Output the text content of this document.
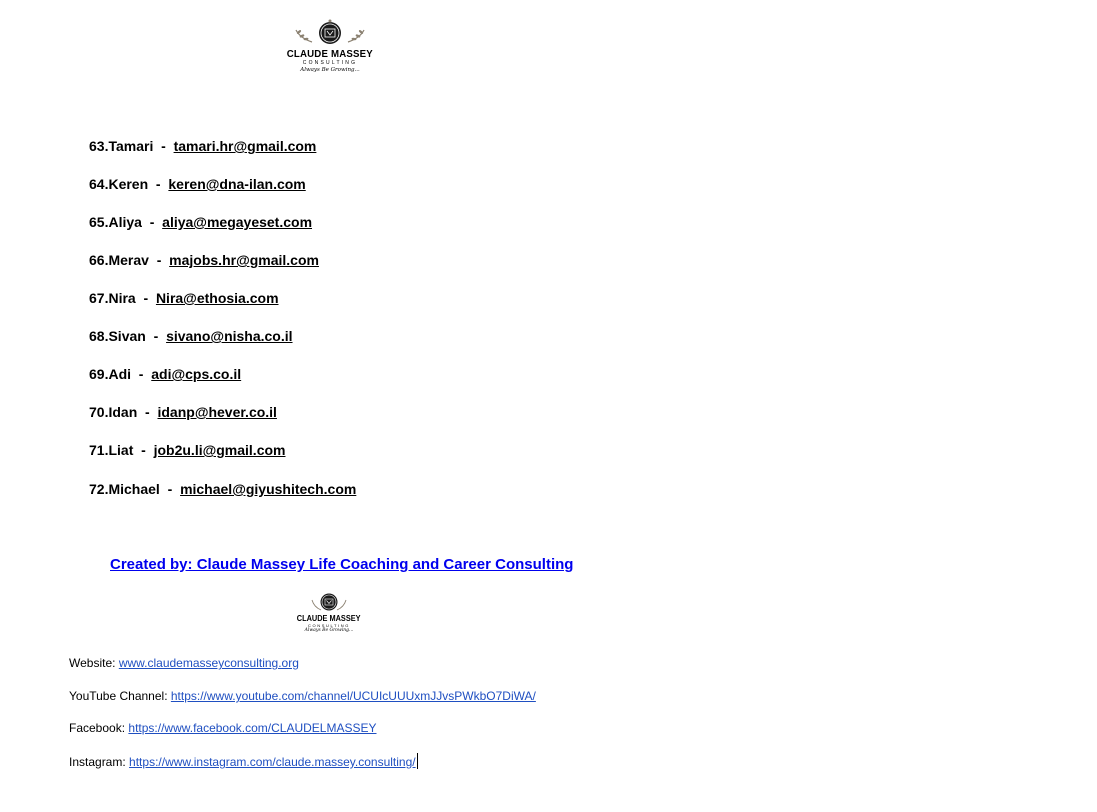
CLAUDE MASSEY
CONSULTING
Always Be Growing...
63.Tamari  -  tamari.hr@gmail.com
64.Keren  -  keren@dna-ilan.com
65.Aliya  -  aliya@megayeset.com
66.Merav  -  majobs.hr@gmail.com
67.Nira  -  Nira@ethosia.com
68.Sivan  -  sivano@nisha.co.il
69.Adi  -  adi@cps.co.il
70.Idan  -  idanp@hever.co.il
71.Liat  -  job2u.li@gmail.com
72.Michael  -  michael@giyushitech.com
Created by: Claude Massey Life Coaching and Career Consulting
CLAUDE MASSEY
CONSULTING
Always Be Growing...
Website: www.claudemasseyconsulting.org
YouTube Channel: https://www.youtube.com/channel/UCUIcUUUxmJJvsPWkbO7DiWA/
Facebook: https://www.facebook.com/CLAUDELMASSEY
Instagram: https://www.instagram.com/claude.massey.consulting/
